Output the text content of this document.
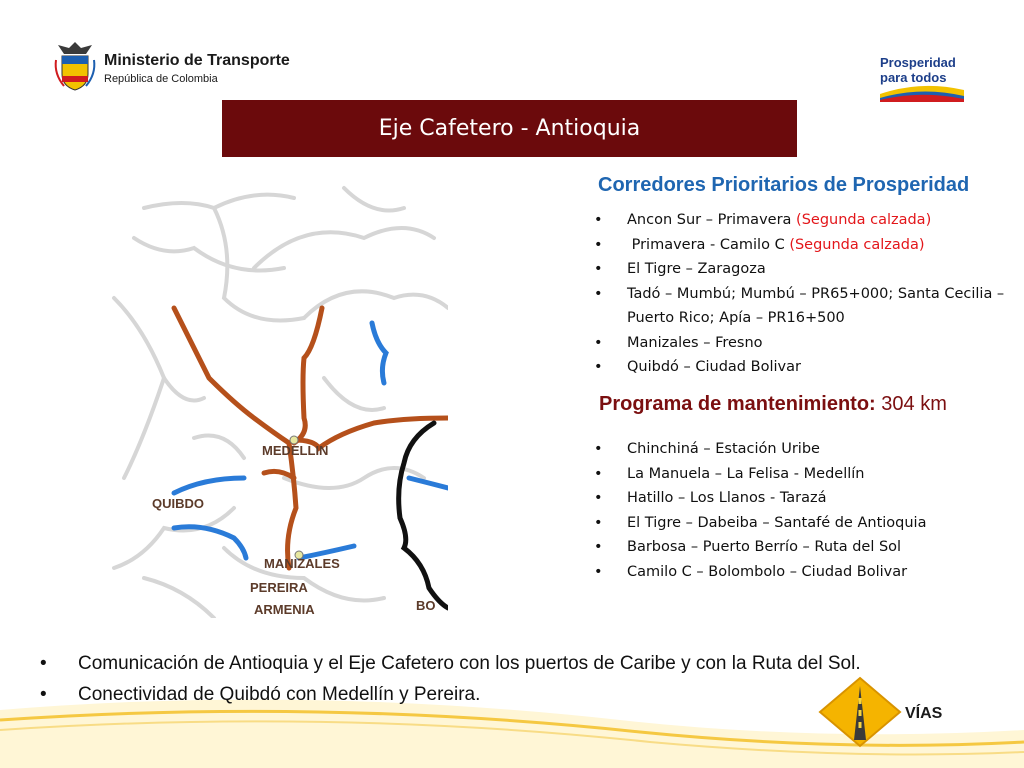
Ministerio de Transporte
República de Colombia
Prosperidad
para todos
Eje Cafetero - Antioquia
MEDELLIN
QUIBDO
MANIZALES
PEREIRA
ARMENIA	BO
Corredores Prioritarios de Prosperidad
• Ancon Sur – Primavera (Segunda calzada)
•  Primavera - Camilo C (Segunda calzada)
• El Tigre – Zaragoza
• Tadó – Mumbú; Mumbú – PR65+000; Santa Cecilia – Puerto Rico; Apía – PR16+500
• Manizales – Fresno
• Quibdó – Ciudad Bolivar
Programa de mantenimiento: 304 km
• Chinchiná – Estación Uribe
• La Manuela – La Felisa - Medellín
• Hatillo – Los Llanos - Tarazá
• El Tigre – Dabeiba – Santafé de Antioquia
• Barbosa – Puerto Berrío – Ruta del Sol
• Camilo C – Bolombolo – Ciudad Bolivar
• Comunicación de Antioquia y el Eje Cafetero con los puertos de Caribe y con la Ruta del Sol.
• Conectividad de Quibdó con Medellín y Pereira.
VÍAS
